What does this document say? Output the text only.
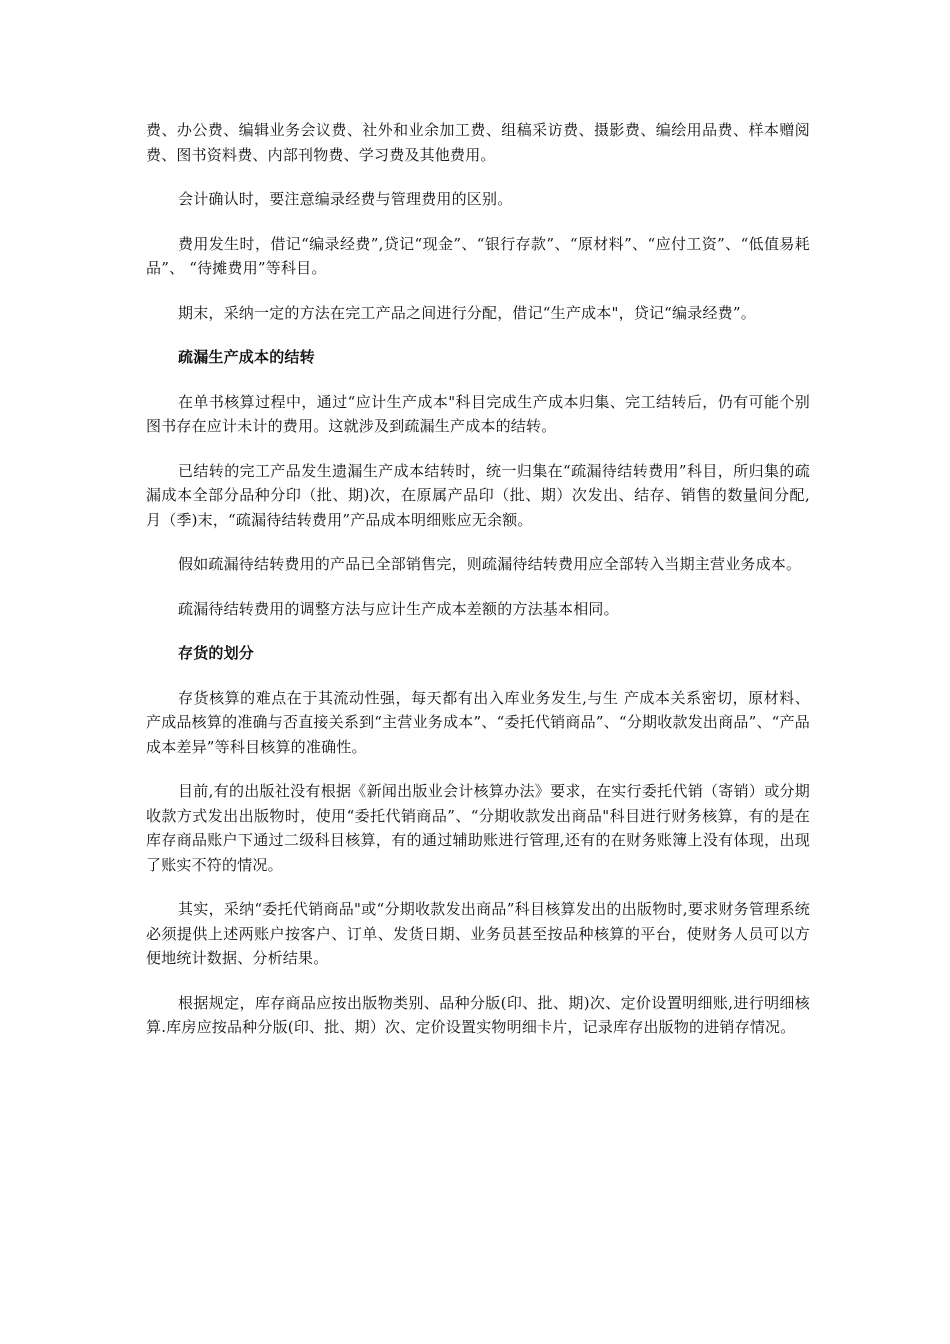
费、办公费、编辑业务会议费、社外和业余加工费、组稿采访费、摄影费、编绘用品费、样本赠阅费、图书资料费、内部刊物费、学习费及其他费用。

会计确认时，要注意编录经费与管理费用的区别。

费用发生时，借记“编录经费”,贷记“现金”、“银行存款”、“原材料”、“应付工资”、“低值易耗品”、 “待摊费用”等科目。

期末，采纳一定的方法在完工产品之间进行分配，借记“生产成本"，贷记“编录经费”。

疏漏生产成本的结转

在单书核算过程中，通过“应计生产成本"科目完成生产成本归集、完工结转后，仍有可能个别图书存在应计未计的费用。这就涉及到疏漏生产成本的结转。

已结转的完工产品发生遗漏生产成本结转时，统一归集在“疏漏待结转费用”科目，所归集的疏漏成本全部分品种分印（批、期)次，在原属产品印（批、期）次发出、结存、销售的数量间分配,月（季)末，“疏漏待结转费用”产品成本明细账应无余额。

假如疏漏待结转费用的产品已全部销售完，则疏漏待结转费用应全部转入当期主营业务成本。

疏漏待结转费用的调整方法与应计生产成本差额的方法基本相同。

存货的划分

存货核算的难点在于其流动性强，每天都有出入库业务发生,与生 产成本关系密切，原材料、产成品核算的准确与否直接关系到“主营业务成本”、“委托代销商品”、“分期收款发出商品”、“产品成本差异”等科目核算的准确性。

目前,有的出版社没有根据《新闻出版业会计核算办法》要求，在实行委托代销（寄销）或分期收款方式发出出版物时，使用“委托代销商品”、“分期收款发出商品"科目进行财务核算，有的是在库存商品账户下通过二级科目核算，有的通过辅助账进行管理,还有的在财务账簿上没有体现，出现了账实不符的情况。

其实，采纳“委托代销商品"或“分期收款发出商品”科目核算发出的出版物时,要求财务管理系统必须提供上述两账户按客户、订单、发货日期、业务员甚至按品种核算的平台，使财务人员可以方便地统计数据、分析结果。

根据规定，库存商品应按出版物类别、品种分版(印、批、期)次、定价设置明细账,进行明细核算.库房应按品种分版(印、批、期）次、定价设置实物明细卡片，记录库存出版物的进销存情况。
